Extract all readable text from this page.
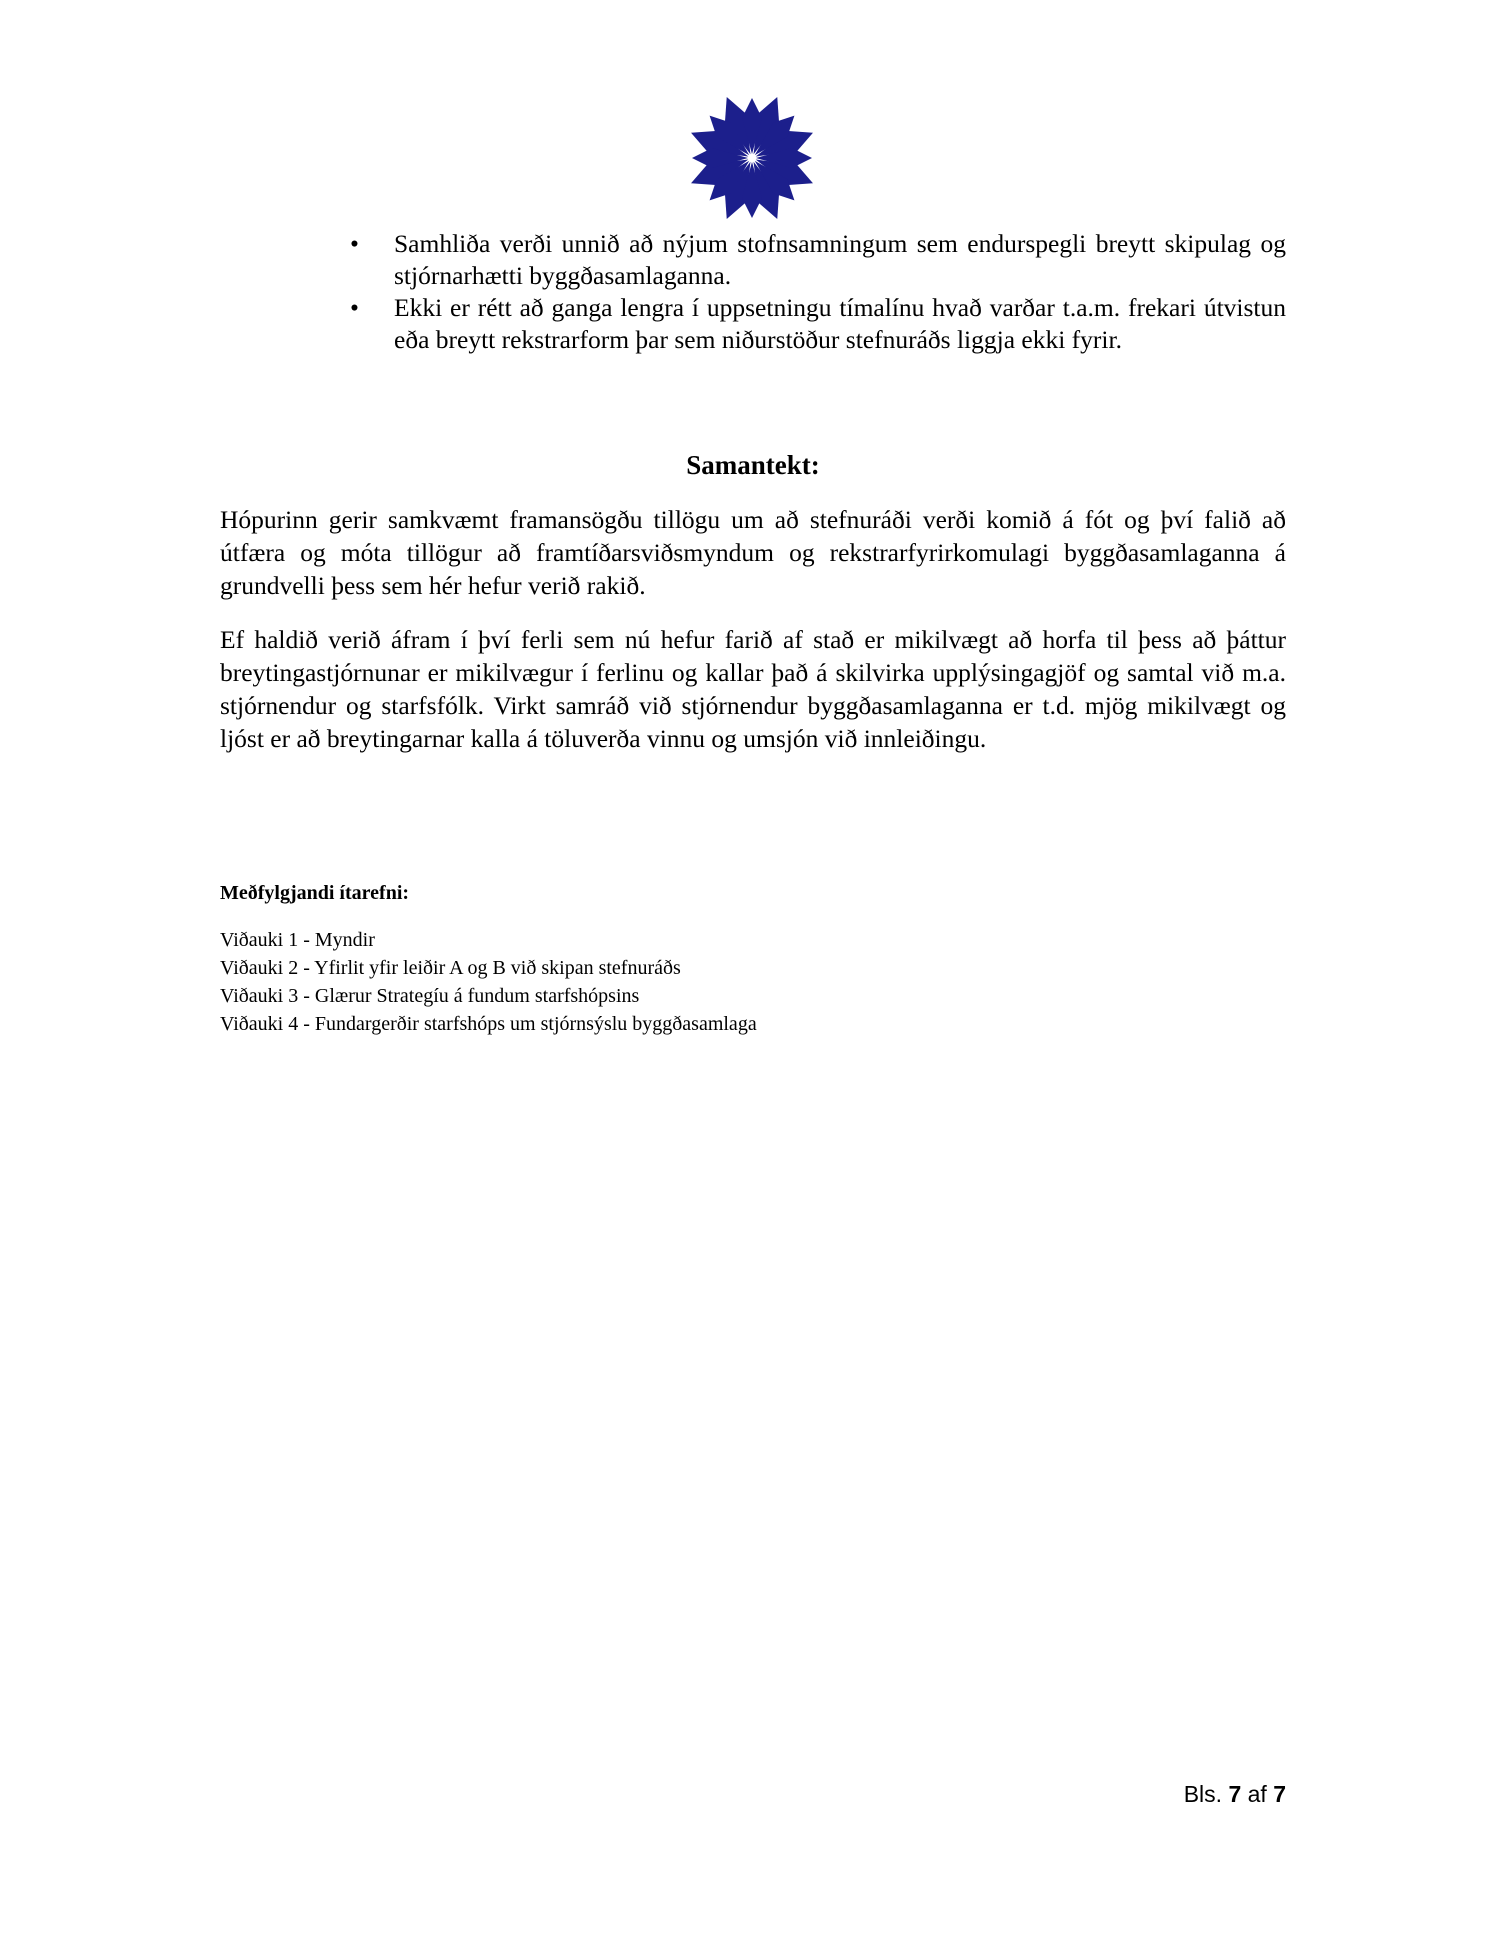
•	Samhliða verði unnið að nýjum stofnsamningum sem endurspegli breytt skipulag og stjórnarhætti byggðasamlaganna.
•	Ekki er rétt að ganga lengra í uppsetningu tímalínu hvað varðar t.a.m. frekari útvistun eða breytt rekstrarform þar sem niðurstöður stefnuráðs liggja ekki fyrir.
Samantekt:

Hópurinn gerir samkvæmt framansögðu tillögu um að stefnuráði verði komið á fót og því falið að útfæra og móta tillögur að framtíðarsviðsmyndum og rekstrarfyrirkomulagi byggðasamlaganna á grundvelli þess sem hér hefur verið rakið.

Ef haldið verið áfram í því ferli sem nú hefur farið af stað er mikilvægt að horfa til þess að þáttur breytingastjórnunar er mikilvægur í ferlinu og kallar það á skilvirka upplýsingagjöf og samtal við m.a. stjórnendur og starfsfólk. Virkt samráð við stjórnendur byggðasamlaganna er t.d. mjög mikilvægt og ljóst er að breytingarnar kalla á töluverða vinnu og umsjón við innleiðingu.

Meðfylgjandi ítarefni:
Viðauki 1 - Myndir
Viðauki 2 - Yfirlit yfir leiðir A og B við skipan stefnuráðs
Viðauki 3 - Glærur Strategíu á fundum starfshópsins
Viðauki 4 - Fundargerðir starfshóps um stjórnsýslu byggðasamlaga
Bls. 7 af 7
